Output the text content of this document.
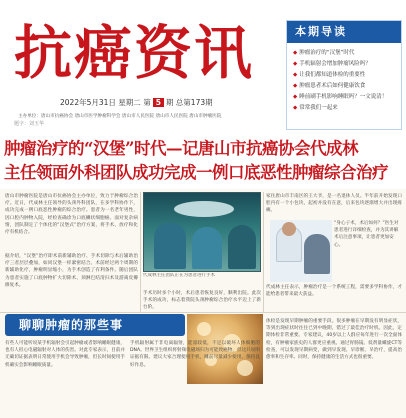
抗癌资讯
2022年5月31日 星期二 第 5 期 总第173期
主办单位：唐山市抗癌协会 唐山市医学肿瘤科学会 唐山市人民医院 唐山市人民医院 唐山市肿瘤医院
题字：刘玉华
本期导读
◆ 肿瘤治疗的“汉堡”时代
◆ 手机辐射会增加肿瘤风险吗？
◆ 让我们都知道体检的重要性
◆ 肿瘤患者术后如何健康饮食
◆ 睡前刷手机影响睡眠吗？一文说清！
◆ 常常我们一起来
肿瘤治疗的“汉堡”时代—记唐山市抗癌协会代成林
主任领面外科团队成功完成一例口底恶性肿瘤综合治疗
唐山市肿瘤医院是唐山市抗癌协会主办单位，致力于肿瘤综合治疗。近日，代成林主任领导的头颈外科团队，在多学科协作下，成功完成一例口底恶性肿瘤的综合治疗。患者为一名老年男性，因口腔内肿物入院，经检查确诊为口底鳞状细胞癌。面对复杂病情，团队制定了个体化的“汉堡式”治疗方案，将手术、放疗和化疗有机结合。
据介绍，“汉堡”治疗即术前新辅助治疗、手术切除与术后辅助治疗三者层层叠加，如同汉堡一样紧密结合。术前经过两个周期的新辅助化疗，肿瘤明显缩小，为手术创造了有利条件。随后团队为患者实施了口底肿物扩大切除术、颈淋巴结清扫术及游离皮瓣修复术。
代成林主任团队正在为患者进行手术
手术历时多个小时，术后患者恢复良好，顺利出院。此次手术的成功，标志着我院头颈肿瘤综合治疗水平迈上了新台阶。
家住唐山市丰南区的王大爷，是一名退休人员。半年前开始发现口腔内有一个小包块，起初并没有在意，后来包块逐渐增大并出现疼痛。
“身心子术，术后如何？”医生对患者进行详细检查，并为其讲解术后注意事项，让患者更加安心。
代成林主任表示，肿瘤治疗是一个系统工程，需要多学科协作，才能给患者带来最大获益。
聊聊肿瘤的那些事
有些人可能听说某手机辐射会引起肿瘤或者影响睡眠健康，也有人担心电磁辐射对人体的伤害。对此专家表示，目前并无确切证据表明日常使用手机会导致肿瘤，但长时间使用手机确实会影响睡眠质量。
手机辐射属于非电离辐射，能量较低，不足以破坏人体细胞的DNA。世界卫生组织将射频电磁场归为可能致癌物，但这只说明证据有限。建议大家合理使用手机，睡前尽量减少使用，保持良好作息。
体检是发现早期肿瘤的重要手段。很多肿瘤在早期没有明显症状，等到出现症状时往往已到中晚期，错过了最佳治疗时机。因此，定期体检非常重要。专家建议，40岁以上人群应每年进行一次全面体检，有肿瘤家族史的人群更应重视。通过胃肠镜、低剂量螺旋CT等检查，可以发现早期病变，做到早发现、早诊断、早治疗，提高治愈率和生存率。同时，保持健康的生活方式也很重要。
